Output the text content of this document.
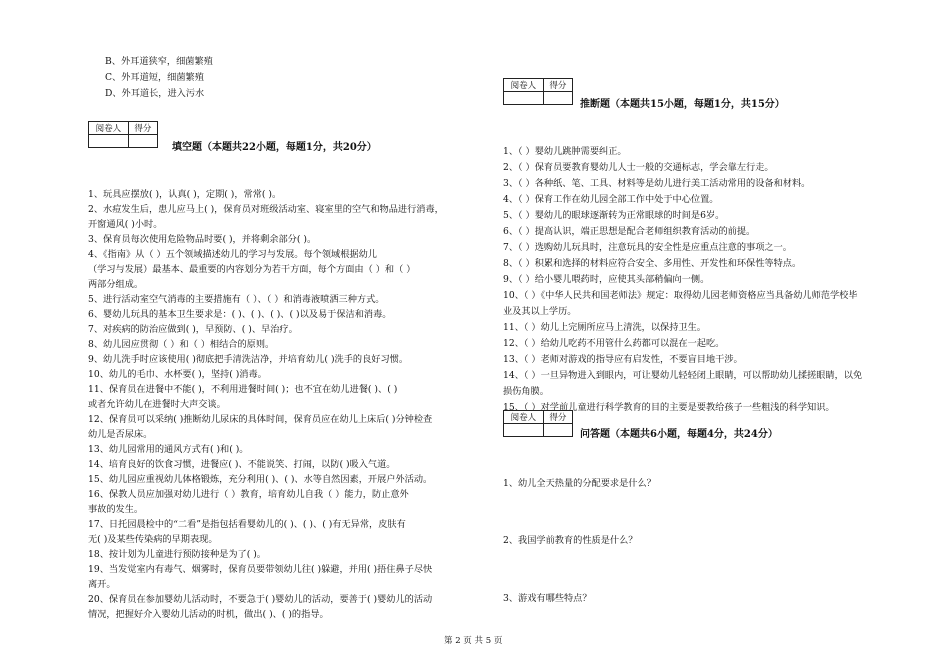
B、外耳道狭窄，细菌繁殖
C、外耳道短，细菌繁殖
D、外耳道长，进入污水
阅卷人	得分

填空题（本题共22小题，每题1分，共20分）
1、玩具应摆放( )，认真( )，定期( )，常常( )。
2、水痘发生后，患儿应马上( )，保育员对班级活动室、寝室里的空气和物品进行消毒，
开窗通风( )小时。
3、保育员每次使用危险物品时要( )，并将剩余部分( )。
4、《指南》从（ ）五个领域描述幼儿的学习与发展。每个领域根据幼儿
（学习与发展）最基本、最重要的内容划分为若干方面，每个方面由（ ）和（ ）
两部分组成。
5、进行活动室空气消毒的主要措施有（ ）、（ ）和消毒液喷洒三种方式。
6、婴幼儿玩具的基本卫生要求是：( )、( )、( )、( )以及易于保洁和消毒。
7、对疾病的防治应做到( )，早预防、( )、早治疗。
8、幼儿园应贯彻（ ）和（ ）相结合的原则。
9、幼儿洗手时应该使用( )彻底把手清洗洁净，并培育幼儿( )洗手的良好习惯。
10、幼儿的毛巾、水杯要( )，坚持( )消毒。
11、保育员在进餐中不能( )，不利用进餐时间( )；也不宜在幼儿进餐( )、( )
或者允许幼儿在进餐时大声交谈。
12、保育员可以采纳( )推断幼儿尿床的具体时间，保育员应在幼儿上床后( )分钟检查
幼儿是否尿床。
13、幼儿园常用的通风方式有( )和( )。
14、培育良好的饮食习惯，进餐应( )、不能说笑、打闹，以防( )吸入气道。
15、幼儿园应重视幼儿体格锻炼，充分利用( )、( )、水等自然因素，开展户外活动。
16、保教人员应加强对幼儿进行（ ）教育，培育幼儿自我（ ）能力，防止意外
事故的发生。
17、日托园晨检中的“二看”是指包括看婴幼儿的( )、( )、( )有无异常，皮肤有
无( )及某些传染病的早期表现。
18、按计划为儿童进行预防接种是为了( )。
19、当发觉室内有毒气、烟雾时，保育员要带领幼儿往( )躲避，并用( )捂住鼻子尽快
离开。
20、保育员在参加婴幼儿活动时，不要急于( )婴幼儿的活动，要善于( )婴幼儿的活动
情况，把握好介入婴幼儿活动的时机，做出( )、( )的指导。
阅卷人	得分

推断题（本题共15小题，每题1分，共15分）
1、（ ）婴幼儿跳肿需要纠正。
2、（ ）保育员要教育婴幼儿人士一般的交通标志，学会靠左行走。
3、（ ）各种纸、笔、工具、材料等是幼儿进行美工活动常用的设备和材料。
4、（ ）保育工作在幼儿园全部工作中处于中心位置。
5、（ ）婴幼儿的眼球逐渐转为正常眼球的时间是6岁。
6、（ ）提高认识，端正思想是配合老师组织教育活动的前提。
7、（ ）选购幼儿玩具时，注意玩具的安全性是应重点注意的事项之一。
8、（ ）积累和选择的材料应符合安全、多用性、开发性和环保性等特点。
9、（ ）给小婴儿喂药时，应使其头部稍偏向一侧。
10、（ ）《中华人民共和国老师法》规定：取得幼儿园老师资格应当具备幼儿师范学校毕
业及其以上学历。
11、（ ）幼儿上完厕所应马上清洗，以保持卫生。
12、（ ）给幼儿吃药不用管什么药都可以混在一起吃。
13、（ ）老师对游戏的指导应有启发性，不要盲目地干涉。
14、（ ）一旦异物进入到眼内，可让婴幼儿轻轻闭上眼睛，可以帮助幼儿揉搓眼睛，以免
损伤角膜。
15、（ ）对学前儿童进行科学教育的目的主要是要教给孩子一些粗浅的科学知识。
阅卷人	得分

问答题（本题共6小题，每题4分，共24分）
1、幼儿全天热量的分配要求是什么？
2、我国学前教育的性质是什么？
3、游戏有哪些特点？
第 2 页 共 5 页
